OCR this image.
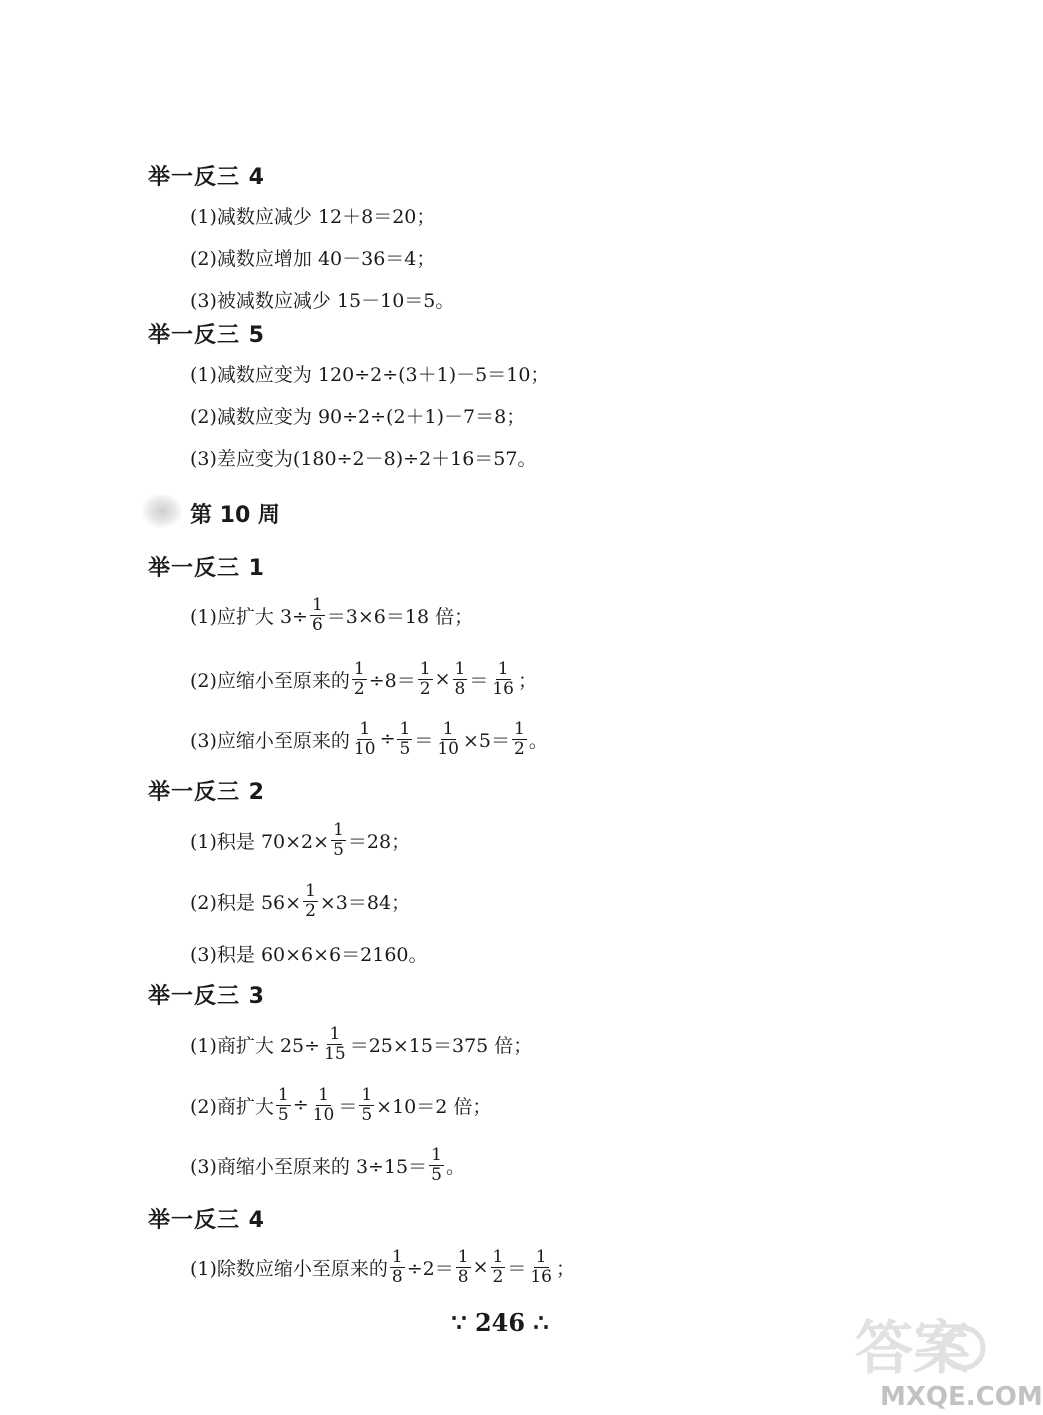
举一反三 4
(1)减数应减少 12＋8＝20；
(2)减数应增加 40－36＝4；
(3)被减数应减少 15－10＝5。
举一反三 5
(1)减数应变为 120÷2÷(3＋1)－5＝10；
(2)减数应变为 90÷2÷(2＋1)－7＝8；
(3)差应变为(180÷2－8)÷2＋16＝57。
第 10 周
举一反三 1
(1)应扩大 $3\div \frac{1}{6} =3\times 6=18$ 倍；
(2)应缩小至原来的 $\frac{1}{2} \div 8= \frac{1}{2} \times \frac{1}{8} = \frac{1}{16}$ ；
(3)应缩小至原来的 $\frac{1}{10} \div \frac{1}{5} = \frac{1}{10} \times 5= \frac{1}{2}$ 。
举一反三 2
(1)积是 $70\times 2\times \frac{1}{5} =28$；
(2)积是 $56\times \frac{1}{2} \times 3=84$；
(3)积是 60×6×6＝2160。
举一反三 3
(1)商扩大 $25\div \frac{1}{15} =25\times 15=375$ 倍；
(2)商扩大 $\frac{1}{5} \div \frac{1}{10} = \frac{1}{5} \times 10=2$ 倍；
(3)商缩小至原来的 $3\div 15= \frac{1}{5}$ 。
举一反三 4
(1)除数应缩小至原来的 $\frac{1}{8} \div 2= \frac{1}{8} \times \frac{1}{2} = \frac{1}{16}$ ；
∵ 246 ∴	答案
MXQE.COM
